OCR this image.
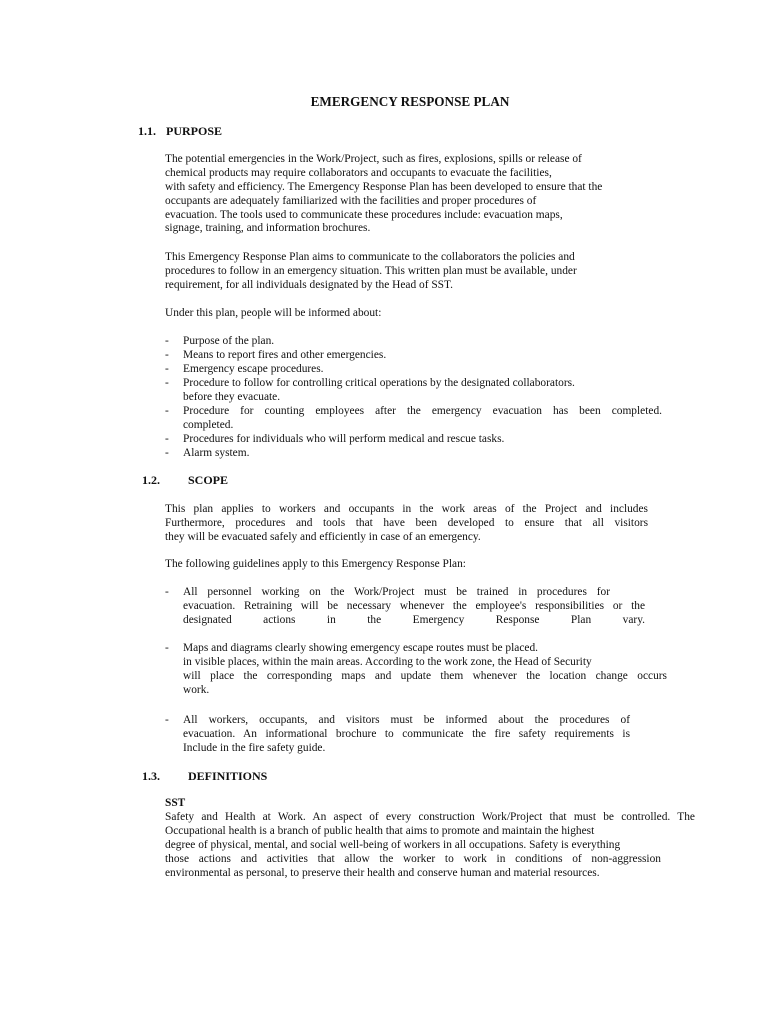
EMERGENCY RESPONSE PLAN
1.1. PURPOSE
The potential emergencies in the Work/Project, such as fires, explosions, spills or release of
chemical products may require collaborators and occupants to evacuate the facilities,
with safety and efficiency. The Emergency Response Plan has been developed to ensure that the
occupants are adequately familiarized with the facilities and proper procedures of
evacuation. The tools used to communicate these procedures include: evacuation maps,
signage, training, and information brochures.
This Emergency Response Plan aims to communicate to the collaborators the policies and
procedures to follow in an emergency situation. This written plan must be available, under
requirement, for all individuals designated by the Head of SST.
Under this plan, people will be informed about:
- Purpose of the plan.
- Means to report fires and other emergencies.
- Emergency escape procedures.
- Procedure to follow for controlling critical operations by the designated collaborators.
before they evacuate.
- Procedure for counting employees after the emergency evacuation has been completed.
completed.
- Procedures for individuals who will perform medical and rescue tasks.
- Alarm system.
1.2. SCOPE
This plan applies to workers and occupants in the work areas of the Project and includes
Furthermore, procedures and tools that have been developed to ensure that all visitors
they will be evacuated safely and efficiently in case of an emergency.
The following guidelines apply to this Emergency Response Plan:
- All personnel working on the Work/Project must be trained in procedures for
evacuation. Retraining will be necessary whenever the employee's responsibilities or the
designated actions in the Emergency Response Plan vary.
- Maps and diagrams clearly showing emergency escape routes must be placed.
in visible places, within the main areas. According to the work zone, the Head of Security
will place the corresponding maps and update them whenever the location change occurs
work.
- All workers, occupants, and visitors must be informed about the procedures of
evacuation. An informational brochure to communicate the fire safety requirements is
Include in the fire safety guide.
1.3. DEFINITIONS
SST
Safety and Health at Work. An aspect of every construction Work/Project that must be controlled. The
Occupational health is a branch of public health that aims to promote and maintain the highest
degree of physical, mental, and social well-being of workers in all occupations. Safety is everything
those actions and activities that allow the worker to work in conditions of non-aggression
environmental as personal, to preserve their health and conserve human and material resources.
